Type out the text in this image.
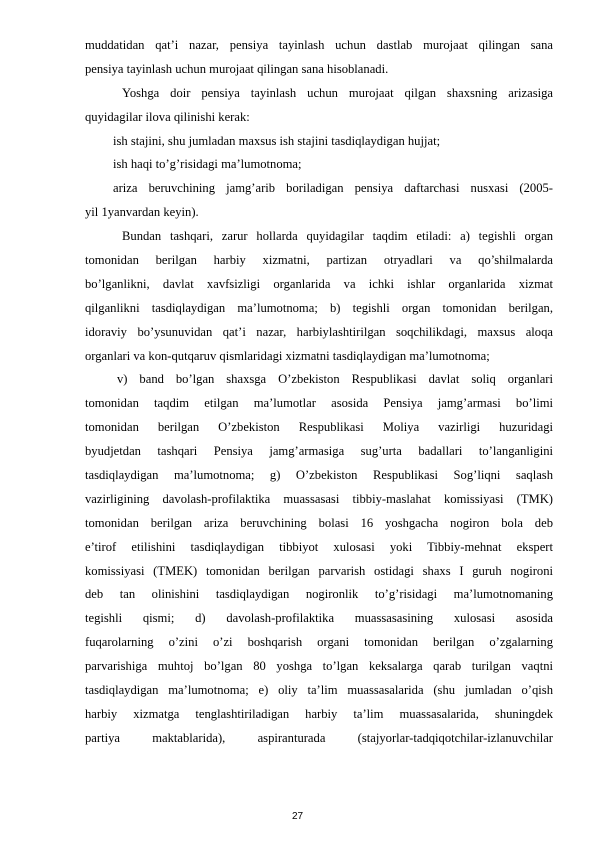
muddatidan qat’i nazar, pensiya tayinlash uchun dastlab murojaat qilingan sana
pensiya tayinlash uchun murojaat qilingan sana hisoblanadi.
Yoshga doir pensiya tayinlash uchun murojaat qilgan shaxsning arizasiga
quyidagilar ilova qilinishi kerak:
ish stajini, shu jumladan maxsus ish stajini tasdiqlaydigan hujjat;
ish haqi to’g’risidagi ma’lumotnoma;
ariza beruvchining jamg’arib boriladigan pensiya daftarchasi nusxasi (2005-
yil 1yanvardan keyin).
Bundan tashqari, zarur hollarda quyidagilar taqdim etiladi: a) tegishli organ
tomonidan berilgan harbiy xizmatni, partizan otryadlari va qo’shilmalarda
bo’lganlikni, davlat xavfsizligi organlarida va ichki ishlar organlarida xizmat
qilganlikni tasdiqlaydigan ma’lumotnoma; b) tegishli organ tomonidan berilgan,
idoraviy bo’ysunuvidan qat’i nazar, harbiylashtirilgan soqchilikdagi, maxsus aloqa
organlari va kon-qutqaruv qismlaridagi xizmatni tasdiqlaydigan ma’lumotnoma;
v) band bo’lgan shaxsga O’zbekiston Respublikasi davlat soliq organlari
tomonidan taqdim etilgan ma’lumotlar asosida Pensiya jamg’armasi bo’limi
tomonidan berilgan O’zbekiston Respublikasi Moliya vazirligi huzuridagi
byudjetdan tashqari Pensiya jamg’armasiga sug’urta badallari to’langanligini
tasdiqlaydigan ma’lumotnoma; g) O’zbekiston Respublikasi Sog’liqni saqlash
vazirligining davolash-profilaktika muassasasi tibbiy-maslahat komissiyasi (TMK)
tomonidan berilgan ariza beruvchining bolasi 16 yoshgacha nogiron bola deb
e’tirof etilishini tasdiqlaydigan tibbiyot xulosasi yoki Tibbiy-mehnat ekspert
komissiyasi (TMEK) tomonidan berilgan parvarish ostidagi shaxs I guruh nogironi
deb tan olinishini tasdiqlaydigan nogironlik to’g’risidagi ma’lumotnomaning
tegishli qismi; d) davolash-profilaktika muassasasining xulosasi asosida
fuqarolarning o’zini o’zi boshqarish organi tomonidan berilgan o’zgalarning
parvarishiga muhtoj bo’lgan 80 yoshga to’lgan keksalarga qarab turilgan vaqtni
tasdiqlaydigan ma’lumotnoma; e) oliy ta’lim muassasalarida (shu jumladan o’qish
harbiy xizmatga tenglashtiriladigan harbiy ta’lim muassasalarida, shuningdek
partiya maktablarida), aspiranturada (stajyorlar-tadqiqotchilar-izlanuvchilar
27
